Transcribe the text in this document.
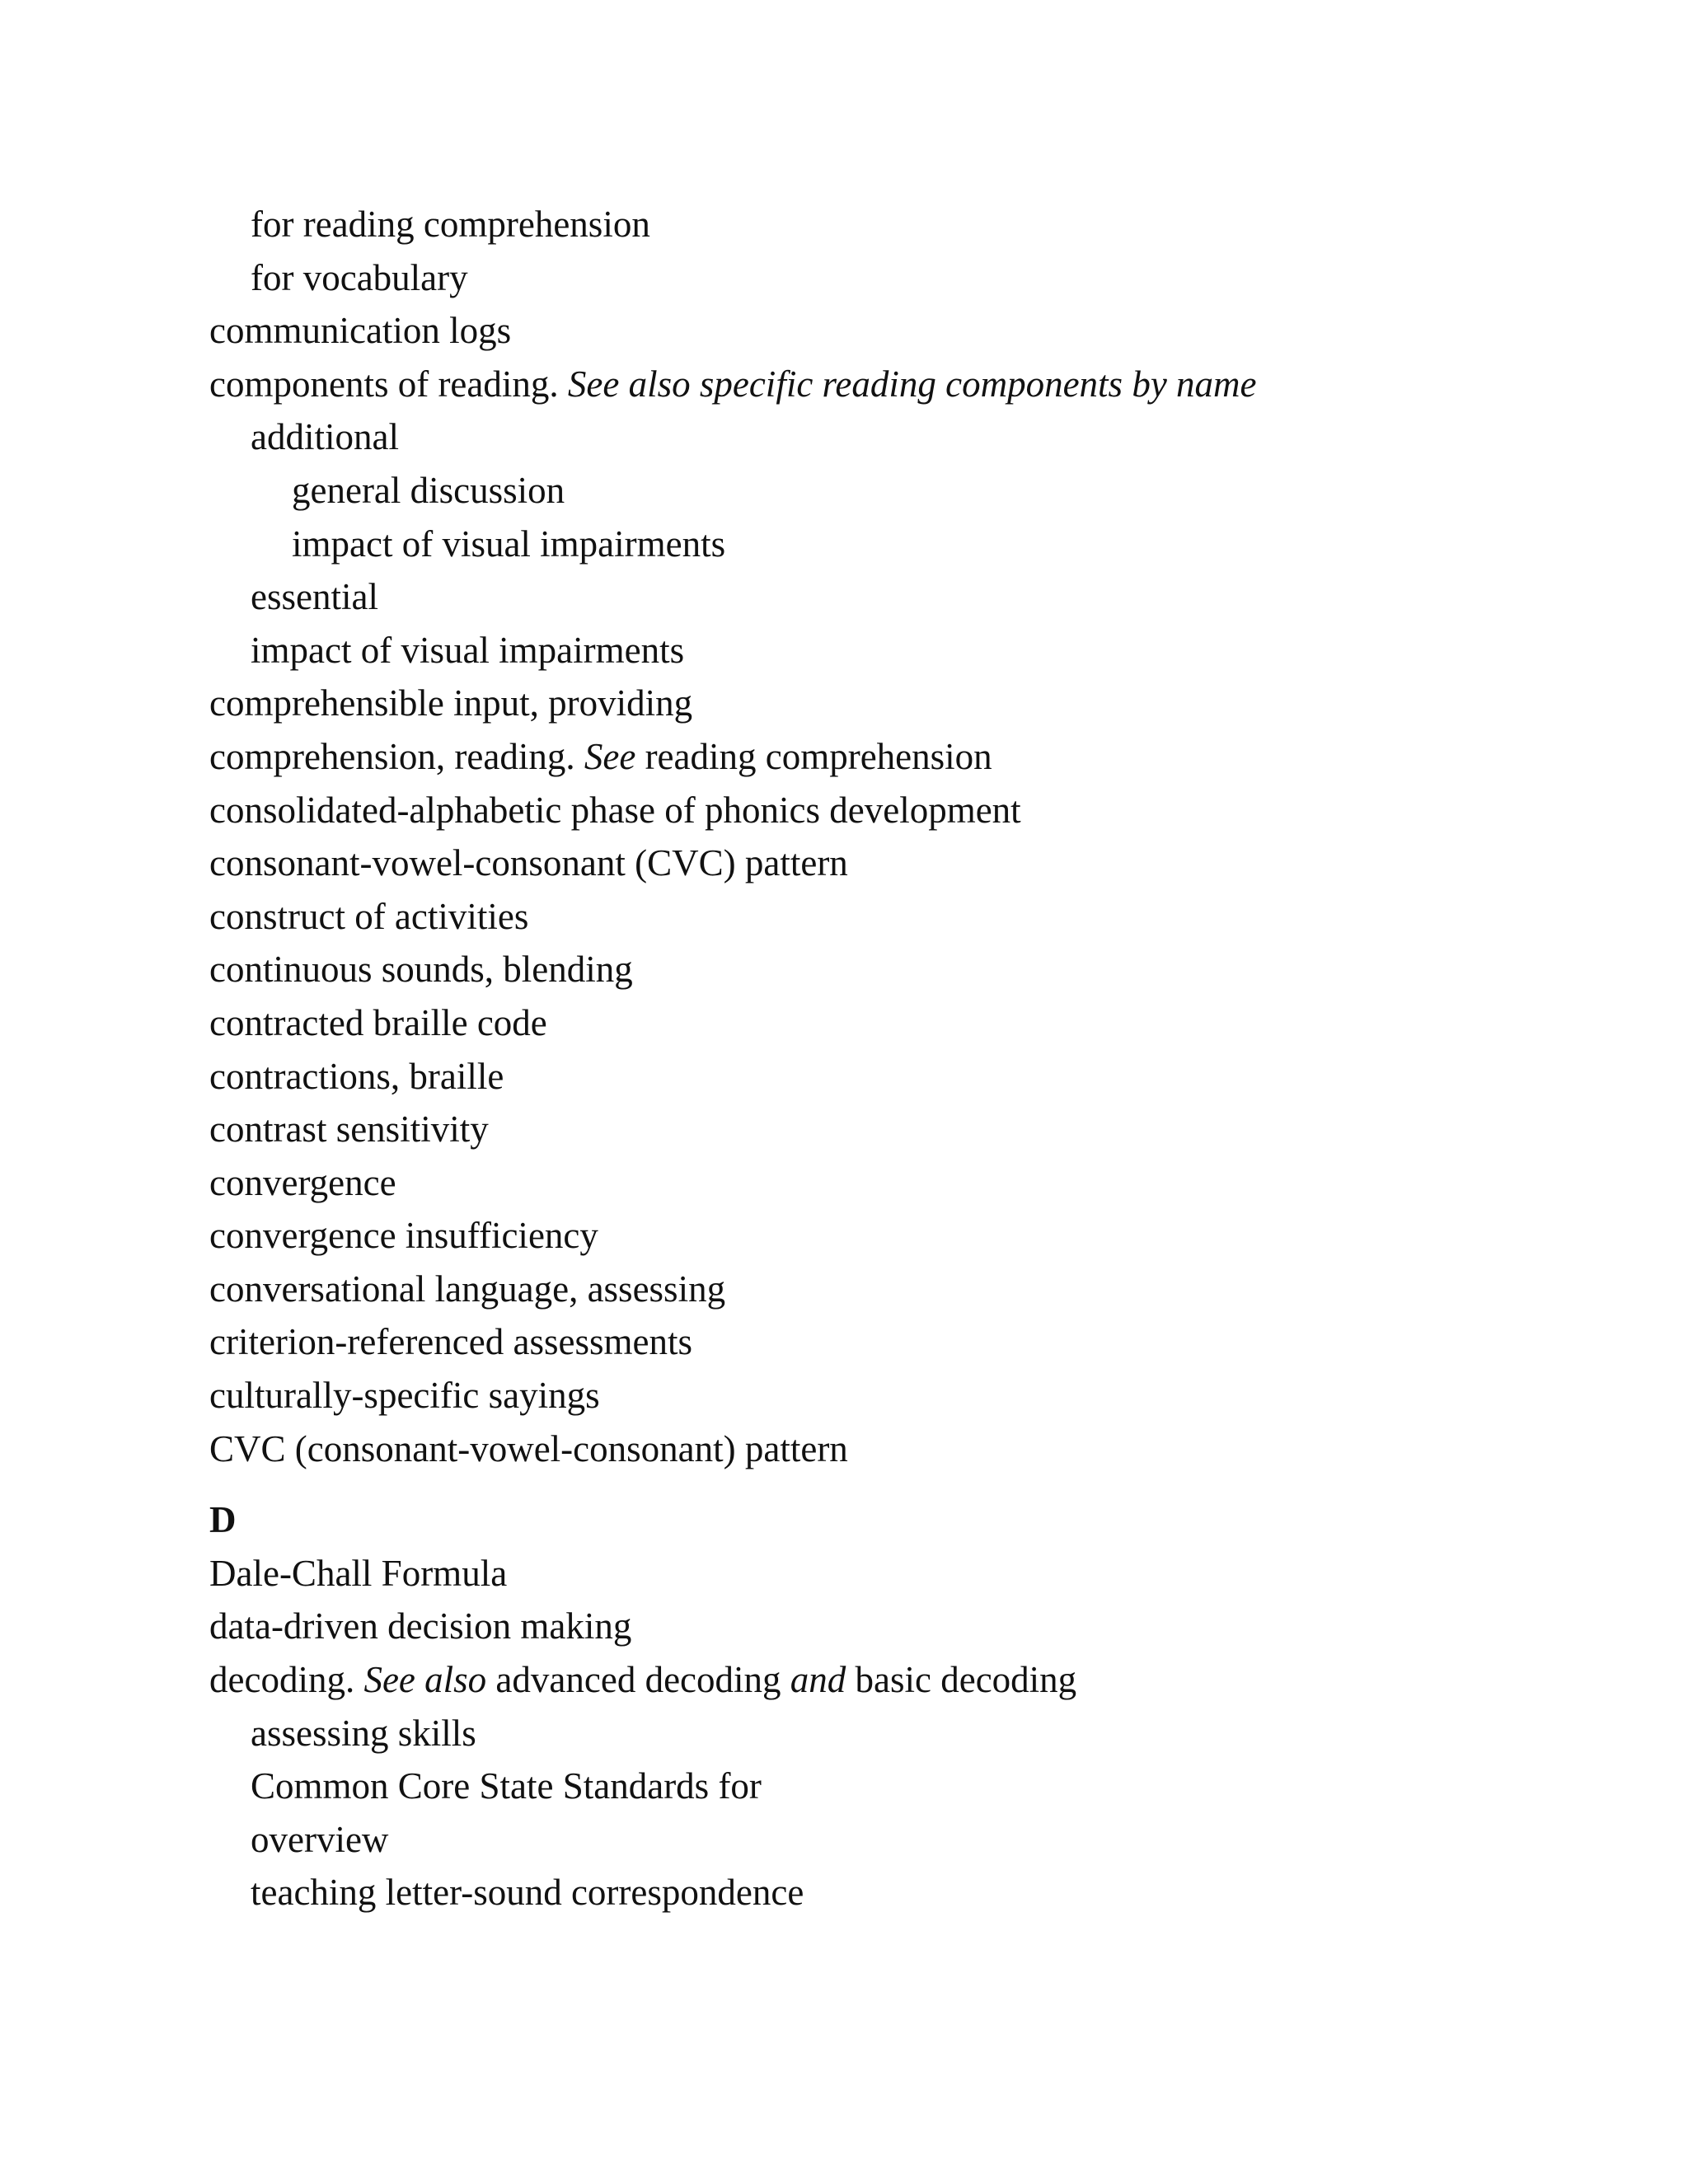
for reading comprehension
for vocabulary
communication logs
components of reading. See also specific reading components by name
additional
general discussion
impact of visual impairments
essential
impact of visual impairments
comprehensible input, providing
comprehension, reading. See reading comprehension
consolidated-alphabetic phase of phonics development
consonant-vowel-consonant (CVC) pattern
construct of activities
continuous sounds, blending
contracted braille code
contractions, braille
contrast sensitivity
convergence
convergence insufficiency
conversational language, assessing
criterion-referenced assessments
culturally-specific sayings
CVC (consonant-vowel-consonant) pattern
D
Dale-Chall Formula
data-driven decision making
decoding. See also advanced decoding and basic decoding
assessing skills
Common Core State Standards for
overview
teaching letter-sound correspondence
